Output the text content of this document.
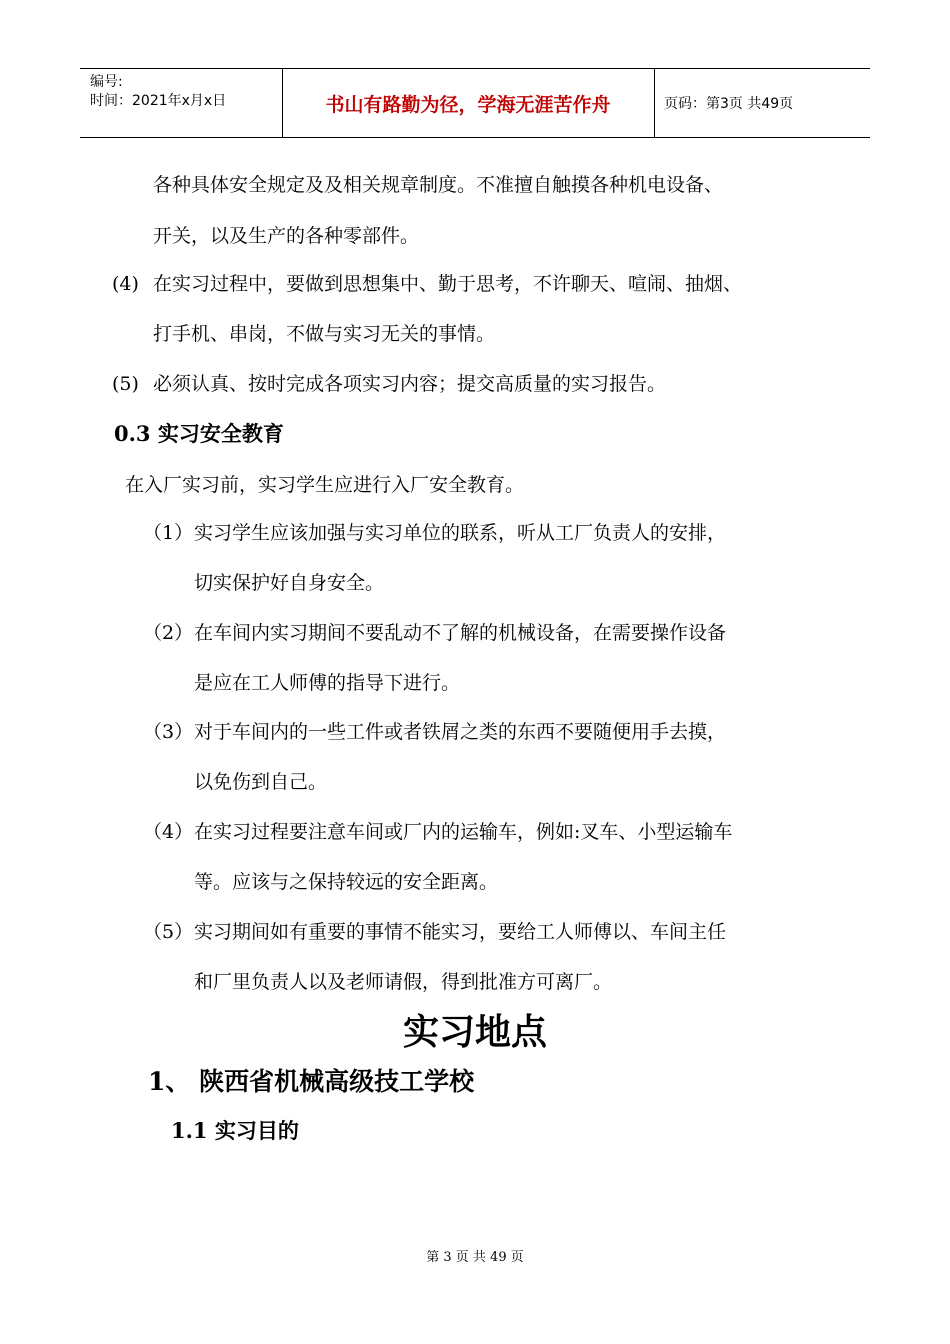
编号:
时间：2021年x月x日	书山有路勤为径，学海无涯苦作舟	页码：第3页 共49页
各种具体安全规定及及相关规章制度。不准擅自触摸各种机电设备、
开关，以及生产的各种零部件。
(4) 在实习过程中，要做到思想集中、勤于思考，不许聊天、喧闹、抽烟、
打手机、串岗，不做与实习无关的事情。
(5) 必须认真、按时完成各项实习内容；提交高质量的实习报告。
0.3 实习安全教育
在入厂实习前，实习学生应进行入厂安全教育。
（1） 实习学生应该加强与实习单位的联系，听从工厂负责人的安排，
切实保护好自身安全。
（2） 在车间内实习期间不要乱动不了解的机械设备，在需要操作设备
是应在工人师傅的指导下进行。
（3） 对于车间内的一些工件或者铁屑之类的东西不要随便用手去摸，
以免伤到自己。
（4） 在实习过程要注意车间或厂内的运输车，例如:叉车、小型运输车
等。应该与之保持较远的安全距离。
（5） 实习期间如有重要的事情不能实习，要给工人师傅以、车间主任
和厂里负责人以及老师请假，得到批准方可离厂。
实习地点
1、 陕西省机械高级技工学校
1.1 实习目的
第 3 页 共 49 页
